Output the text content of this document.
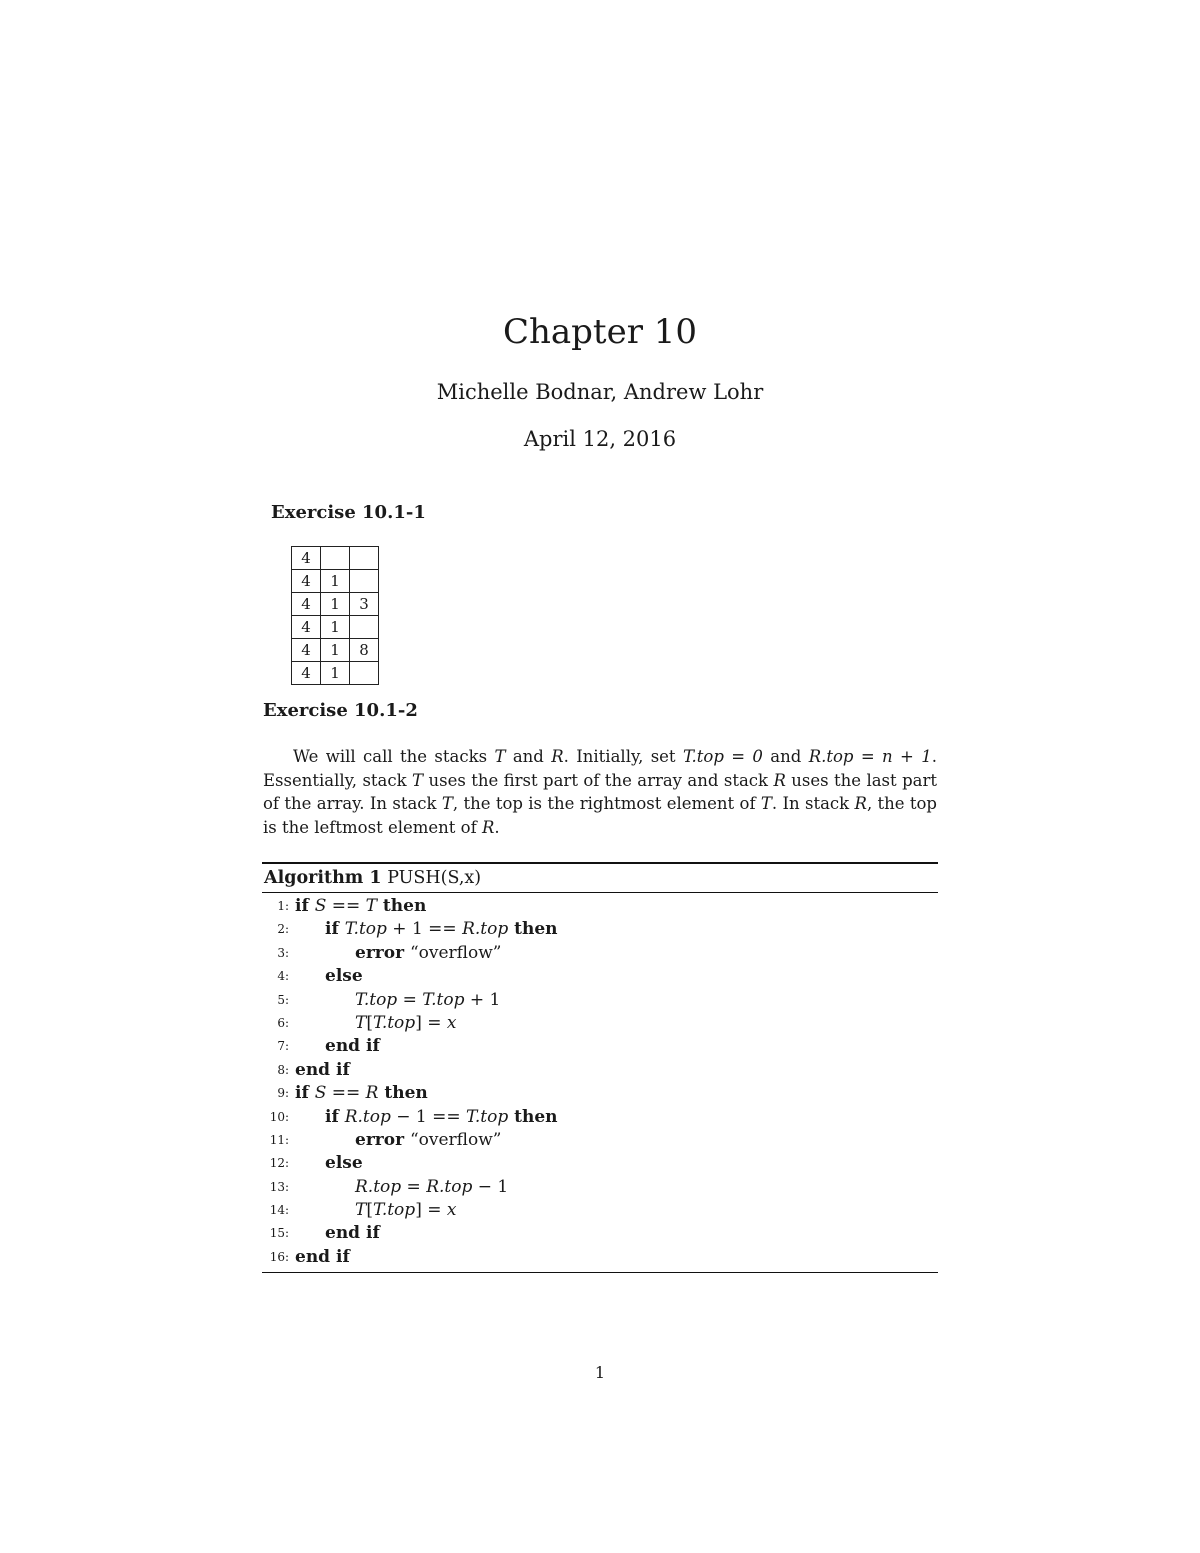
Chapter 10
Michelle Bodnar, Andrew Lohr
April 12, 2016
Exercise 10.1-1
4		
4	1	
4	1	3
4	1	
4	1	8
4	1	
Exercise 10.1-2

We will call the stacks T and R. Initially, set T.top = 0 and R.top = n + 1. Essentially, stack T uses the first part of the array and stack R uses the last part of the array. In stack T, the top is the rightmost element of T. In stack R, the top is the leftmost element of R.

Algorithm 1 PUSH(S,x)
1: if S == T then
2:	if T.top + 1 == R.top then
3:	error “overflow”
4:	else
5:	T.top = T.top + 1
6:	T[T.top] = x
7:	end if
8: end if
9: if S == R then
10:	if R.top − 1 == T.top then
11:	error “overflow”
12:	else
13:	R.top = R.top − 1
14:	T[T.top] = x
15:	end if
16: end if
1
